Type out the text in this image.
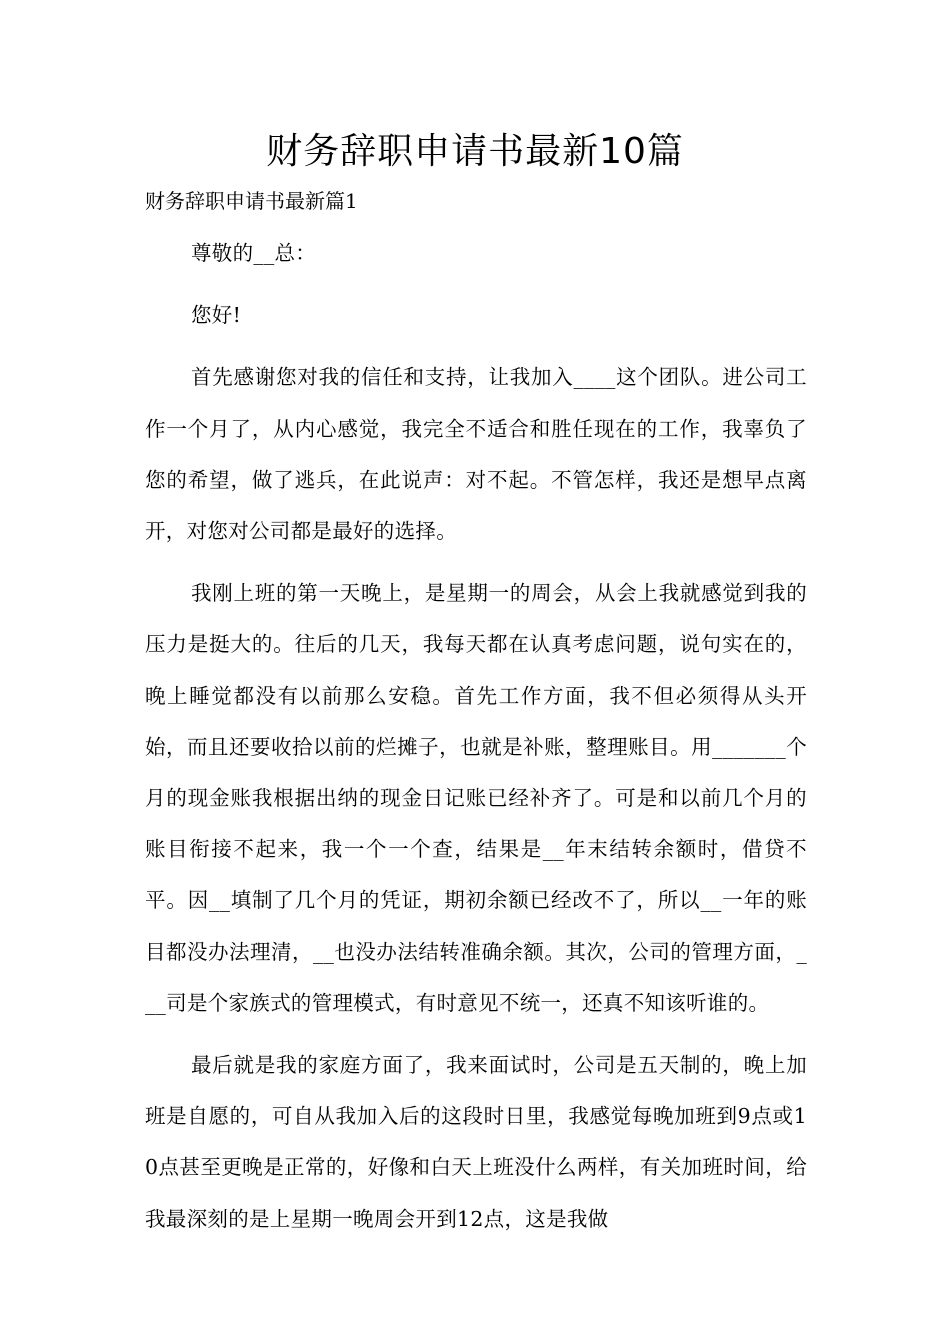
财务辞职申请书最新10篇

财务辞职申请书最新篇1

尊敬的__总：

您好!

首先感谢您对我的信任和支持，让我加入____这个团队。进公司工作一个月了，从内心感觉，我完全不适合和胜任现在的工作，我辜负了您的希望，做了逃兵，在此说声：对不起。不管怎样，我还是想早点离开，对您对公司都是最好的选择。

我刚上班的第一天晚上，是星期一的周会，从会上我就感觉到我的压力是挺大的。往后的几天，我每天都在认真考虑问题，说句实在的，晚上睡觉都没有以前那么安稳。首先工作方面，我不但必须得从头开始，而且还要收拾以前的烂摊子，也就是补账，整理账目。用_______个月的现金账我根据出纳的现金日记账已经补齐了。可是和以前几个月的账目衔接不起来，我一个一个查，结果是__年末结转余额时，借贷不平。因__填制了几个月的凭证，期初余额已经改不了，所以__一年的账目都没办法理清，__也没办法结转准确余额。其次，公司的管理方面，___司是个家族式的管理模式，有时意见不统一，还真不知该听谁的。

最后就是我的家庭方面了，我来面试时，公司是五天制的，晚上加班是自愿的，可自从我加入后的这段时日里，我感觉每晚加班到9点或10点甚至更晚是正常的，好像和白天上班没什么两样，有关加班时间，给我最深刻的是上星期一晚周会开到12点，这是我做
